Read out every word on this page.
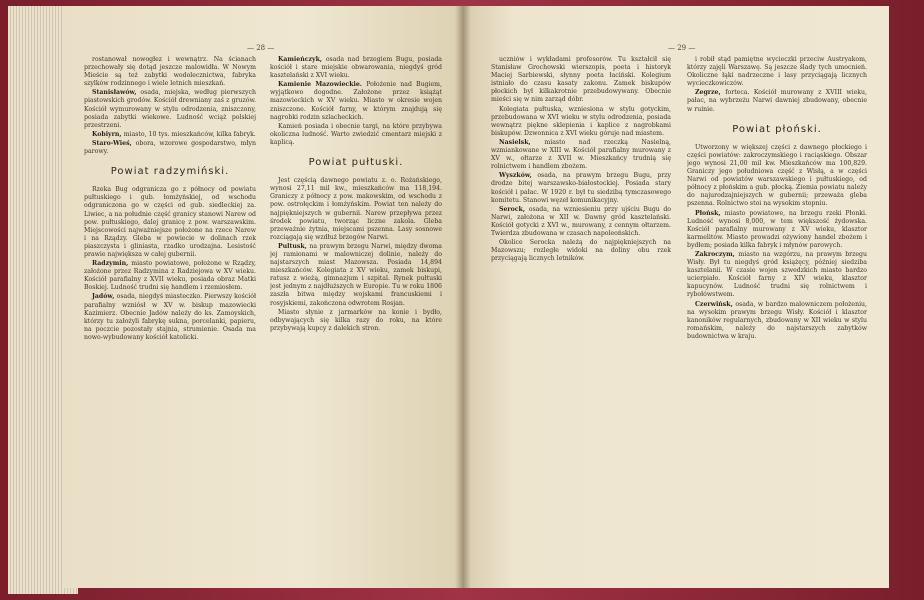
— 28 —

rostanował nowogłez i wewnątrz. Na ścianach przechowały się dotąd jeszcze malowidła. W Nowym Mieście są też zabytki wodolecznictwa, fabryka szylków rodzinnego i wiele letnich mieszkań.

Stanisławów, osada, miejska, według pierwszych piastowskich grodów. Kościół drewniany zaś z gruzów. Kościół wymurowany w stylu odrodzenia, zniszczony, posiada zabytki wiekowe. Ludność wciąż polskiej przestrzeni.

Kobiyrn, miasto, 10 tys. mieszkańców, kilka fabryk.

Staro-Wieś, obora, wzorowe gospodarstwo, młyn parowy.

Powiat radzymiński.

Rzeka Bug odgranicza go z północy od powiatu pułtuskiego i gub. łomżyńskiej, od wschodu odgraniczona go w części od gub. siedleckiej za. Liwiec, a na południe część granicy stanowi Narew od pow. pułtuskiego, dalej granicę z pow. warszawskim. Miejscowości najważniejsze położone na rzece Narew i na Rządzy. Gleba w powiecie w dolinach rzek piaszczysta i gliniasta, rzadko urodzajna. Lesistość prawie największa w całej gubernii.

Radzymin, miasto powiatowe, położone w Rządzy, założone przez Radzymina z Radziejowa w XV wieku. Kościół parafialny z XVII wieku, posiada obraz Matki Boskiej. Ludność trudni się handlem i rzemiosłem.

Jadów, osada, niegdyś miasteczko. Pierwszy kościół parafialny wzniósł w XV w. biskup mazowiecki Kazimierz. Obecnie Jadów należy do ks. Zamoyskich, którzy tu założyli fabrykę sukna, porcelanki, papieru, na poczcie pozostały stajnia, strumienie. Osada ma nowo-wybudowany kościół katolicki.

Kamieńczyk, osada nad brzegiem Bugu, posiada kościół i stare miejskie obwarowania, niegdyś gród kasztelański z XVI wieku.

Kamienie Mazowieckie. Położenie nad Bugiem, wyjątkowo dogodne. Założone przez książąt mazowieckich w XV wieku. Miasto w okresie wojen zniszczone. Kościół farny, w którym znajdują się nagrobki rodzin szlacheckich.

Kamień posiada i obecnie targi, na które przybywa okoliczna ludność. Warto zwiedzić cmentarz miejski z kaplicą.

Powiat pułtuski.

Jest częścią dawnego powiatu z. o. Rożańskiego, wynosi 27,11 mil kw., mieszkańców ma 118,194. Graniczy z północy z pow. makowskim, od wschodu z pow. ostrołęckim i łomżyńskim. Powiat ten należy do najpiękniejszych w gubernii. Narew przepływa przez środek powiatu, tworząc liczne zakola. Gleba przeważnie żytnia, miejscami pszenna. Lasy sosnowe rozciągają się wzdłuż brzegów Narwi.

Pultusk, na prawym brzegu Narwi, między dwoma jej ramionami w malowniczej dolinie, należy do najstarszych miast Mazowsza. Posiada 14,894 mieszkańców. Kolegiata z XV wieku, zamek biskupi, ratusz z wieżą, gimnazjum i szpital. Rynek pułtuski jest jednym z najdłuższych w Europie. Tu w roku 1806 zaszła bitwa między wojskami francuskiemi i rosyjskiemi, zakończona odwrotem Rosjan.

Miasto słynie z jarmarków na konie i bydło, odbywających się kilka razy do roku, na które przybywają kupcy z dalekich stron.

— 29 —

uczniów i wykładami profesorów. Tu kształcił się Stanisław Grochowski wierszopis, poeta i historyk Maciej Sarbiewski, słynny poeta łaciński. Kolegium istniało do czasu kasaty zakonu. Zamek biskupów płockich był kilkakrotnie przebudowywany. Obecnie mieści się w nim zarząd dóbr.

Kolegiata pułtuska, wzniesiona w stylu gotyckim, przebudowana w XVI wieku w stylu odrodzenia, posiada wewnątrz piękne sklepienia i kaplice z nagrobkami biskupów. Dzwonnica z XVI wieku góruje nad miastem.

Nasielsk, miasto nad rzeczką Nasielną, wzmiankowane w XIII w. Kościół parafialny murowany z XV w., ołtarze z XVII w. Mieszkańcy trudnią się rolnictwem i handlem zbożem.

Wyszków, osada, na prawym brzegu Bugu, przy drodze bitej warszawsko-białostockiej. Posiada stary kościół i pałac. W 1920 r. był tu siedzibą tymczasowego komitetu. Stanowi węzeł komunikacyjny.

Serock, osada, na wzniesieniu przy ujściu Bugu do Narwi, założona w XII w. Dawny gród kasztelański. Kościół gotycki z XVI w., murowany, z cennym ołtarzem. Twierdza zbudowana w czasach napoleońskich.

Okolice Serocka należą do najpiękniejszych na Mazowszu; rozległe widoki na doliny obu rzek przyciągają licznych letników.

i robił stąd pamiętne wycieczki przeciw Austryakom, którzy zajęli Warszawę. Są jeszcze ślady tych umocnień. Okoliczne łąki nadrzeczne i lasy przyciągają licznych wycieczkowiczów.

Zegrze, forteca. Kościół murowany z XVIII wieku, pałac, na wybrzeżu Narwi dawniej zbudowany, obecnie w ruinie.

Powiat płoński.

Utworzony w większej części z dawnego płockiego i części powiatów: zakroczymskiego i raciąskiego. Obszar jego wynosi 21,00 mil kw. Mieszkańców ma 100,829. Graniczy jego południowa część z Wisłą, a w części Narwi od powiatów warszawskiego i pułtuskiego, od północy z płońskim a gub. płocką. Ziemia powiatu należy do najurodzajniejszych w gubernii; przeważa gleba pszenna. Rolnictwo stoi na wysokim stopniu.

Płońsk, miasto powiatowe, na brzegu rzeki Płonki. Ludność wynosi 8,000, w tem większość żydowska. Kościół parafialny murowany z XV wieku, klasztor karmelitów. Miasto prowadzi ożywiony handel zbożem i bydłem; posiada kilka fabryk i młynów parowych.

Zakroczym, miasto na wzgórzu, na prawym brzegu Wisły. Był tu niegdyś gród książęcy, później siedziba kasztelanii. W czasie wojen szwedzkich miasto bardzo ucierpiało. Kościół farny z XIV wieku, klasztor kapucynów. Ludność trudni się rolnictwem i rybołówstwem.

Czerwińsk, osada, w bardzo malowniczem położeniu, na wysokim prawym brzegu Wisły. Kościół i klasztor kanoników regularnych, zbudowany w XII wieku w stylu romańskim, należy do najstarszych zabytków budownictwa w kraju.
